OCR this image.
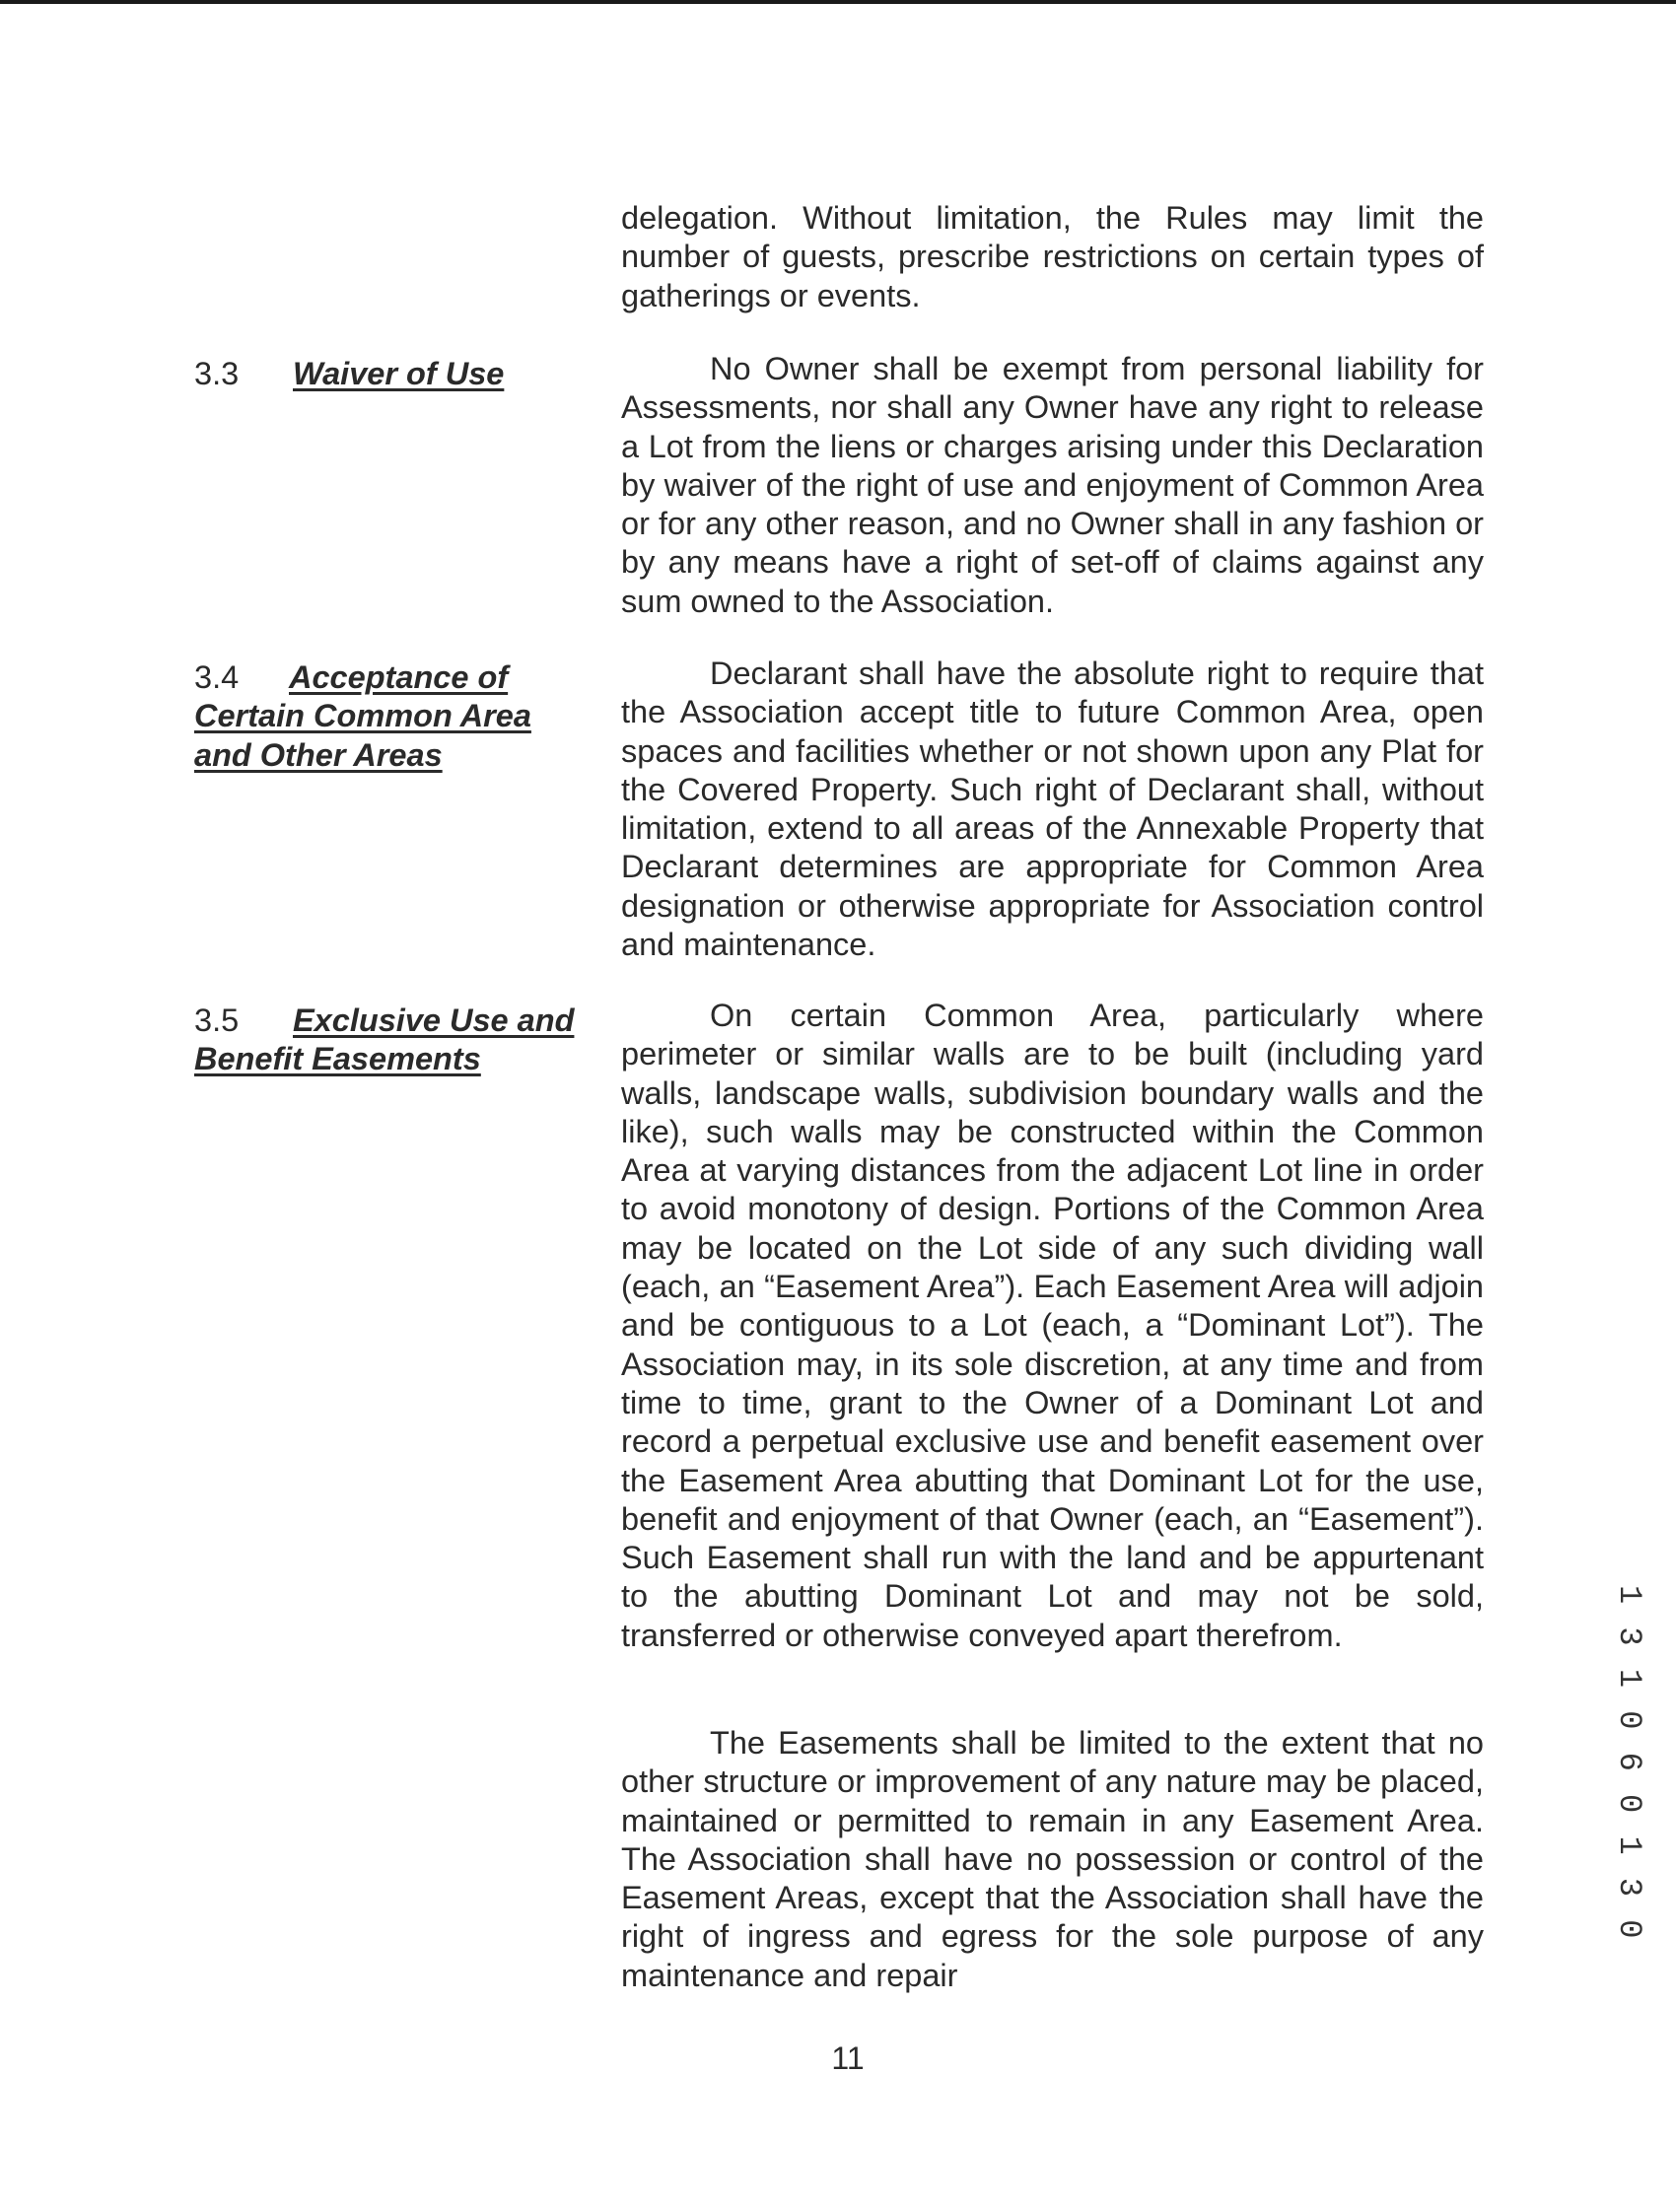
delegation. Without limitation, the Rules may limit the number of guests, prescribe restrictions on certain types of gatherings or events.

3.3 Waiver of Use	No Owner shall be exempt from personal liability for Assessments, nor shall any Owner have any right to release a Lot from the liens or charges arising under this Declaration by waiver of the right of use and enjoyment of Common Area or for any other reason, and no Owner shall in any fashion or by any means have a right of set-off of claims against any sum owned to the Association.

3.4 Acceptance of Certain Common Area and Other Areas

Declarant shall have the absolute right to require that the Association accept title to future Common Area, open spaces and facilities whether or not shown upon any Plat for the Covered Property. Such right of Declarant shall, without limitation, extend to all areas of the Annexable Property that Declarant determines are appropriate for Common Area designation or otherwise appropriate for Association control and maintenance.

3.5 Exclusive Use and Benefit Easements

On certain Common Area, particularly where perimeter or similar walls are to be built (including yard walls, landscape walls, subdivision boundary walls and the like), such walls may be constructed within the Common Area at varying distances from the adjacent Lot line in order to avoid monotony of design. Portions of the Common Area may be located on the Lot side of any such dividing wall (each, an “Easement Area”). Each Easement Area will adjoin and be contiguous to a Lot (each, a “Dominant Lot”). The Association may, in its sole discretion, at any time and from time to time, grant to the Owner of a Dominant Lot and record a perpetual exclusive use and benefit easement over the Easement Area abutting that Dominant Lot for the use, benefit and enjoyment of that Owner (each, an “Easement”). Such Easement shall run with the land and be appurtenant to the abutting Dominant Lot and may not be sold, transferred or otherwise conveyed apart therefrom.

The Easements shall be limited to the extent that no other structure or improvement of any nature may be placed, maintained or permitted to remain in any Easement Area. The Association shall have no possession or control of the Easement Areas, except that the Association shall have the right of ingress and egress for the sole purpose of any maintenance and repair

11
1 3 1 0 6 0 1 3 0
